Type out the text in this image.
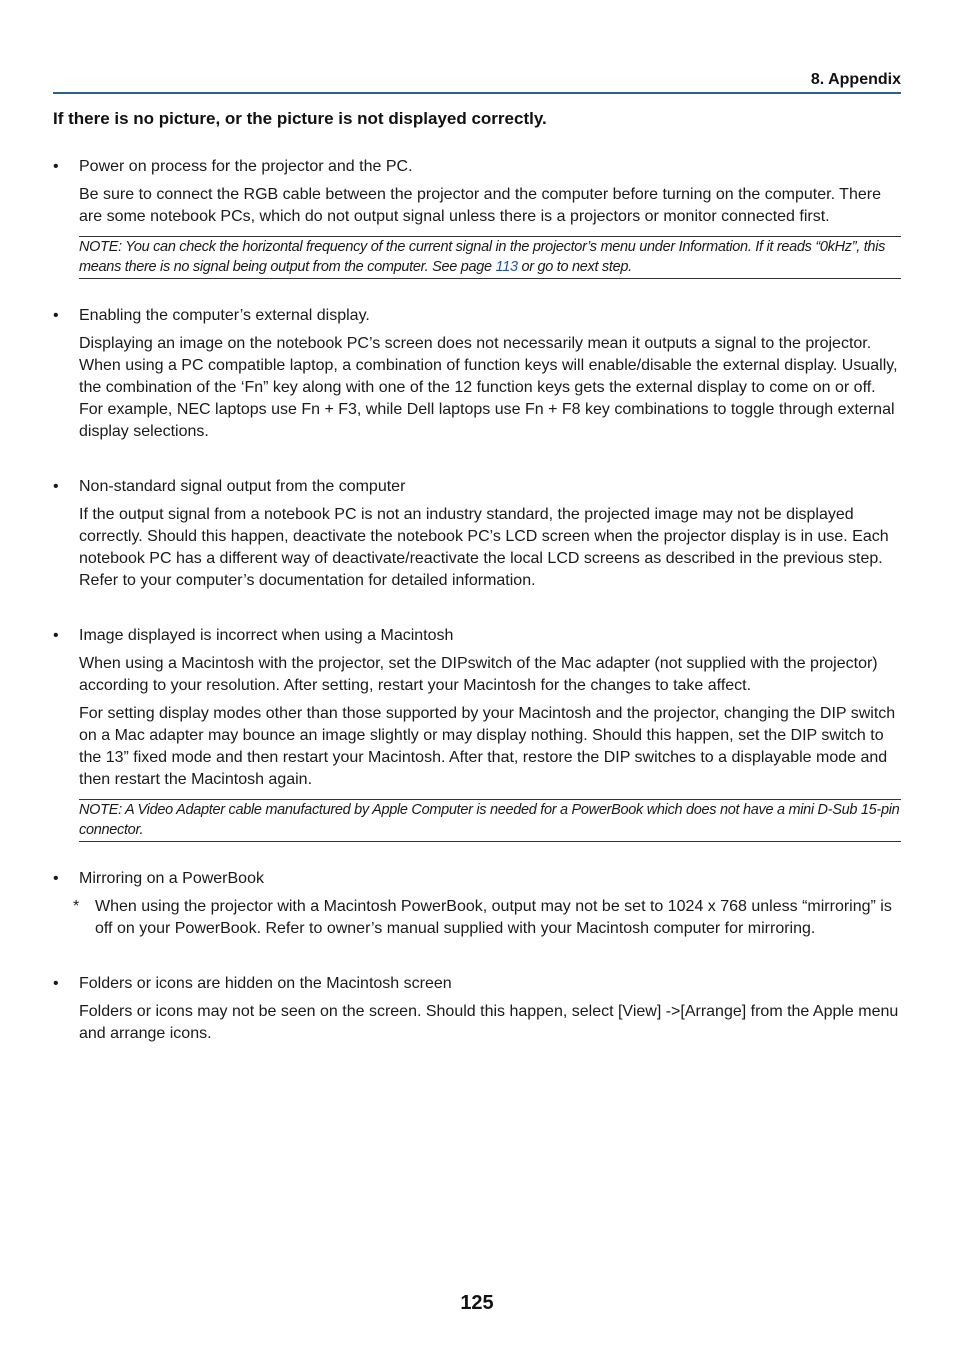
8. Appendix
If there is no picture, or the picture is not displayed correctly.
• Power on process for the projector and the PC.

Be sure to connect the RGB cable between the projector and the computer before turning on the computer. There are some notebook PCs, which do not output signal unless there is a projectors or monitor connected first.

NOTE: You can check the horizontal frequency of the current signal in the projector’s menu under Information. If it reads “0kHz”, this means there is no signal being output from the computer. See page 113 or go to next step.
• Enabling the computer’s external display.

Displaying an image on the notebook PC’s screen does not necessarily mean it outputs a signal to the projector. When using a PC compatible laptop, a combination of function keys will enable/disable the external display. Usually, the combination of the ‘Fn” key along with one of the 12 function keys gets the external display to come on or off. For example, NEC laptops use Fn + F3, while Dell laptops use Fn + F8 key combinations to toggle through external display selections.

• Non-standard signal output from the computer

If the output signal from a notebook PC is not an industry standard, the projected image may not be displayed correctly. Should this happen, deactivate the notebook PC’s LCD screen when the projector display is in use. Each notebook PC has a different way of deactivate/reactivate the local LCD screens as described in the previous step. Refer to your computer’s documentation for detailed information.

• Image displayed is incorrect when using a Macintosh

When using a Macintosh with the projector, set the DIPswitch of the Mac adapter (not supplied with the projector) according to your resolution. After setting, restart your Macintosh for the changes to take affect.

For setting display modes other than those supported by your Macintosh and the projector, changing the DIP switch on a Mac adapter may bounce an image slightly or may display nothing. Should this happen, set the DIP switch to the 13” fixed mode and then restart your Macintosh. After that, restore the DIP switches to a displayable mode and then restart the Macintosh again.

NOTE: A Video Adapter cable manufactured by Apple Computer is needed for a PowerBook which does not have a mini D-Sub 15-pin connector.
• Mirroring on a PowerBook
* When using the projector with a Macintosh PowerBook, output may not be set to 1024 x 768 unless “mirroring” is off on your PowerBook. Refer to owner’s manual supplied with your Macintosh computer for mirroring.
• Folders or icons are hidden on the Macintosh screen

Folders or icons may not be seen on the screen. Should this happen, select [View] ->[Arrange] from the Apple menu and arrange icons.

125
